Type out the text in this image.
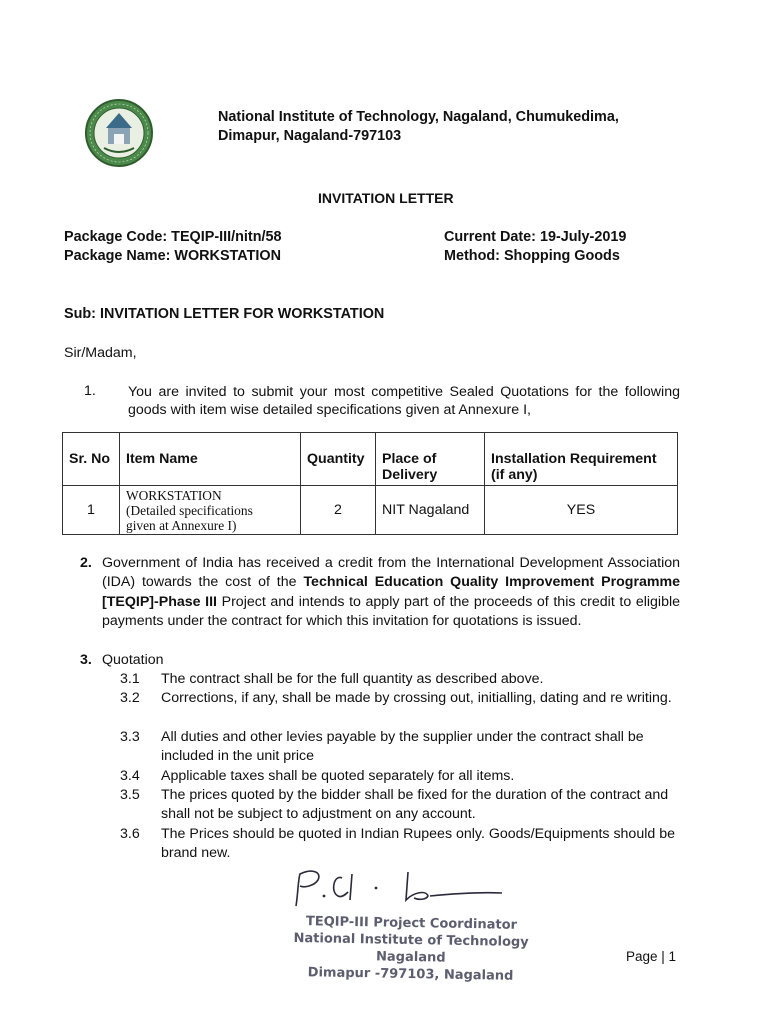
National Institute of Technology, Nagaland, Chumukedima,
Dimapur, Nagaland-797103
INVITATION LETTER
Package Code: TEQIP-III/nitn/58
Package Name: WORKSTATION
Current Date: 19-July-2019
Method: Shopping Goods
Sub: INVITATION LETTER FOR WORKSTATION
Sir/Madam,
1. You are invited to submit your most competitive Sealed Quotations for the following goods with item wise detailed specifications given at Annexure I,
Sr. No	Item Name	Quantity	Place of Delivery	Installation Requirement (if any)
1	WORKSTATION
(Detailed specifications
given at Annexure I)	2	NIT Nagaland	YES
2. Government of India has received a credit from the International Development Association (IDA) towards the cost of the Technical Education Quality Improvement Programme [TEQIP]-Phase III Project and intends to apply part of the proceeds of this credit to eligible payments under the contract for which this invitation for quotations is issued.
3. Quotation
3.1 The contract shall be for the full quantity as described above.
3.2 Corrections, if any, shall be made by crossing out, initialling, dating and re writing.
3.3 All duties and other levies payable by the supplier under the contract shall be included in the unit price
3.4 Applicable taxes shall be quoted separately for all items.
3.5 The prices quoted by the bidder shall be fixed for the duration of the contract and shall not be subject to adjustment on any account.
3.6 The Prices should be quoted in Indian Rupees only. Goods/Equipments should be brand new.
TEQIP-III Project Coordinator
National Institute of Technology Nagaland
Dimapur -797103, Nagaland
Page | 1
